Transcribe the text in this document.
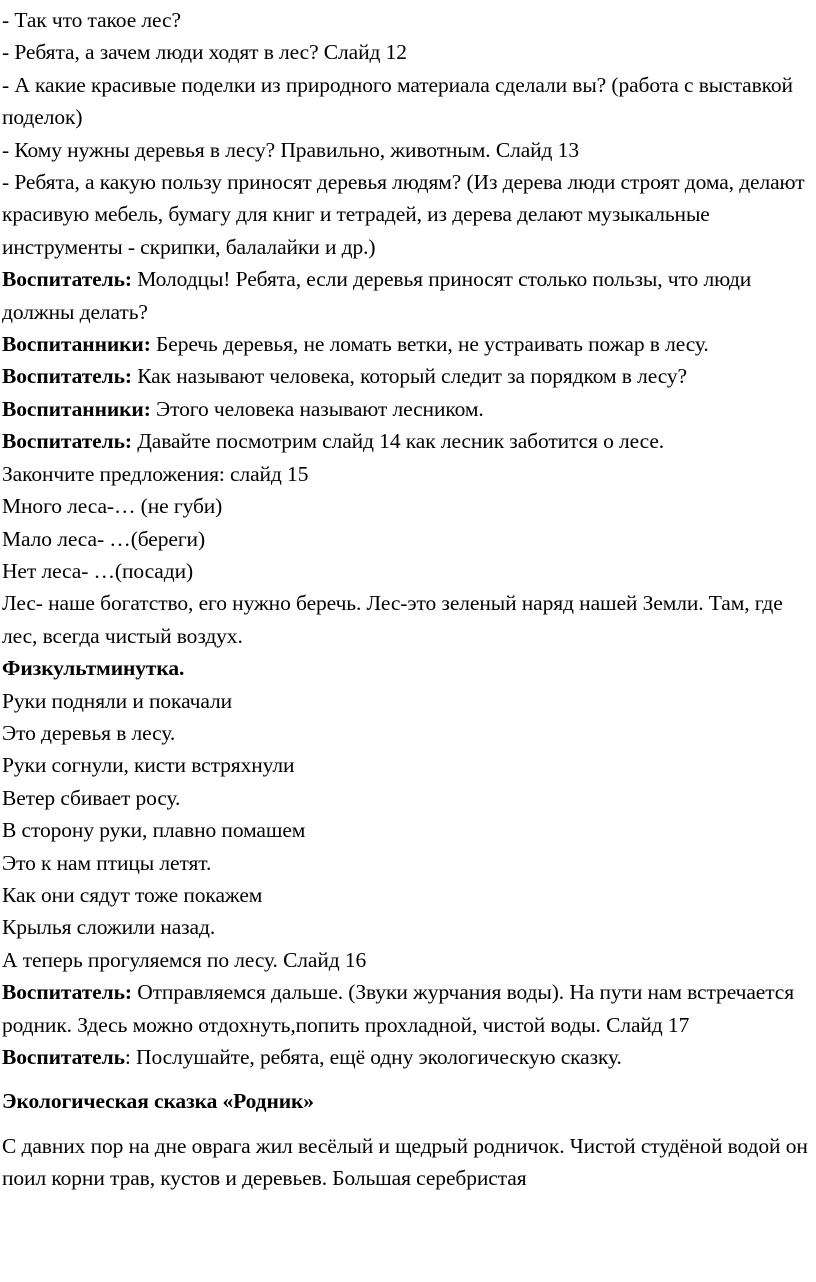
- Так что такое лес?

- Ребята, а зачем люди ходят в лес? Слайд 12

- А какие красивые поделки из природного материала сделали вы? (работа с выставкой поделок)

- Кому нужны деревья в лесу? Правильно, животным. Слайд 13

- Ребята, а какую пользу приносят деревья людям? (Из дерева люди строят дома, делают красивую мебель, бумагу для книг и тетрадей, из дерева делают музыкальные инструменты - скрипки, балалайки и др.)

Воспитатель: Молодцы! Ребята, если деревья приносят столько пользы, что люди должны делать?

Воспитанники: Беречь деревья, не ломать ветки, не устраивать пожар в лесу.

Воспитатель: Как называют человека, который следит за порядком в лесу?

Воспитанники: Этого человека называют лесником.

Воспитатель: Давайте посмотрим слайд 14 как лесник заботится о лесе.

Закончите предложения: слайд 15

Много леса-… (не губи)

Мало леса- …(береги)

Нет леса- …(посади)

Лес- наше богатство, его нужно беречь. Лес-это зеленый наряд нашей Земли. Там, где лес, всегда чистый воздух.

Физкультминутка.

Руки подняли и покачали

Это деревья в лесу.

Руки согнули, кисти встряхнули

Ветер сбивает росу.

В сторону руки, плавно помашем

Это к нам птицы летят.

Как они сядут тоже покажем

Крылья сложили назад.

А теперь прогуляемся по лесу. Слайд 16

Воспитатель: Отправляемся дальше. (Звуки журчания воды). На пути нам встречается родник. Здесь можно отдохнуть,попить прохладной, чистой воды. Слайд 17

Воспитатель: Послушайте, ребята, ещё одну экологическую сказку.

Экологическая сказка «Родник»

С давних пор на дне оврага жил весёлый и щедрый родничок. Чистой студёной водой он поил корни трав, кустов и деревьев. Большая серебристая
